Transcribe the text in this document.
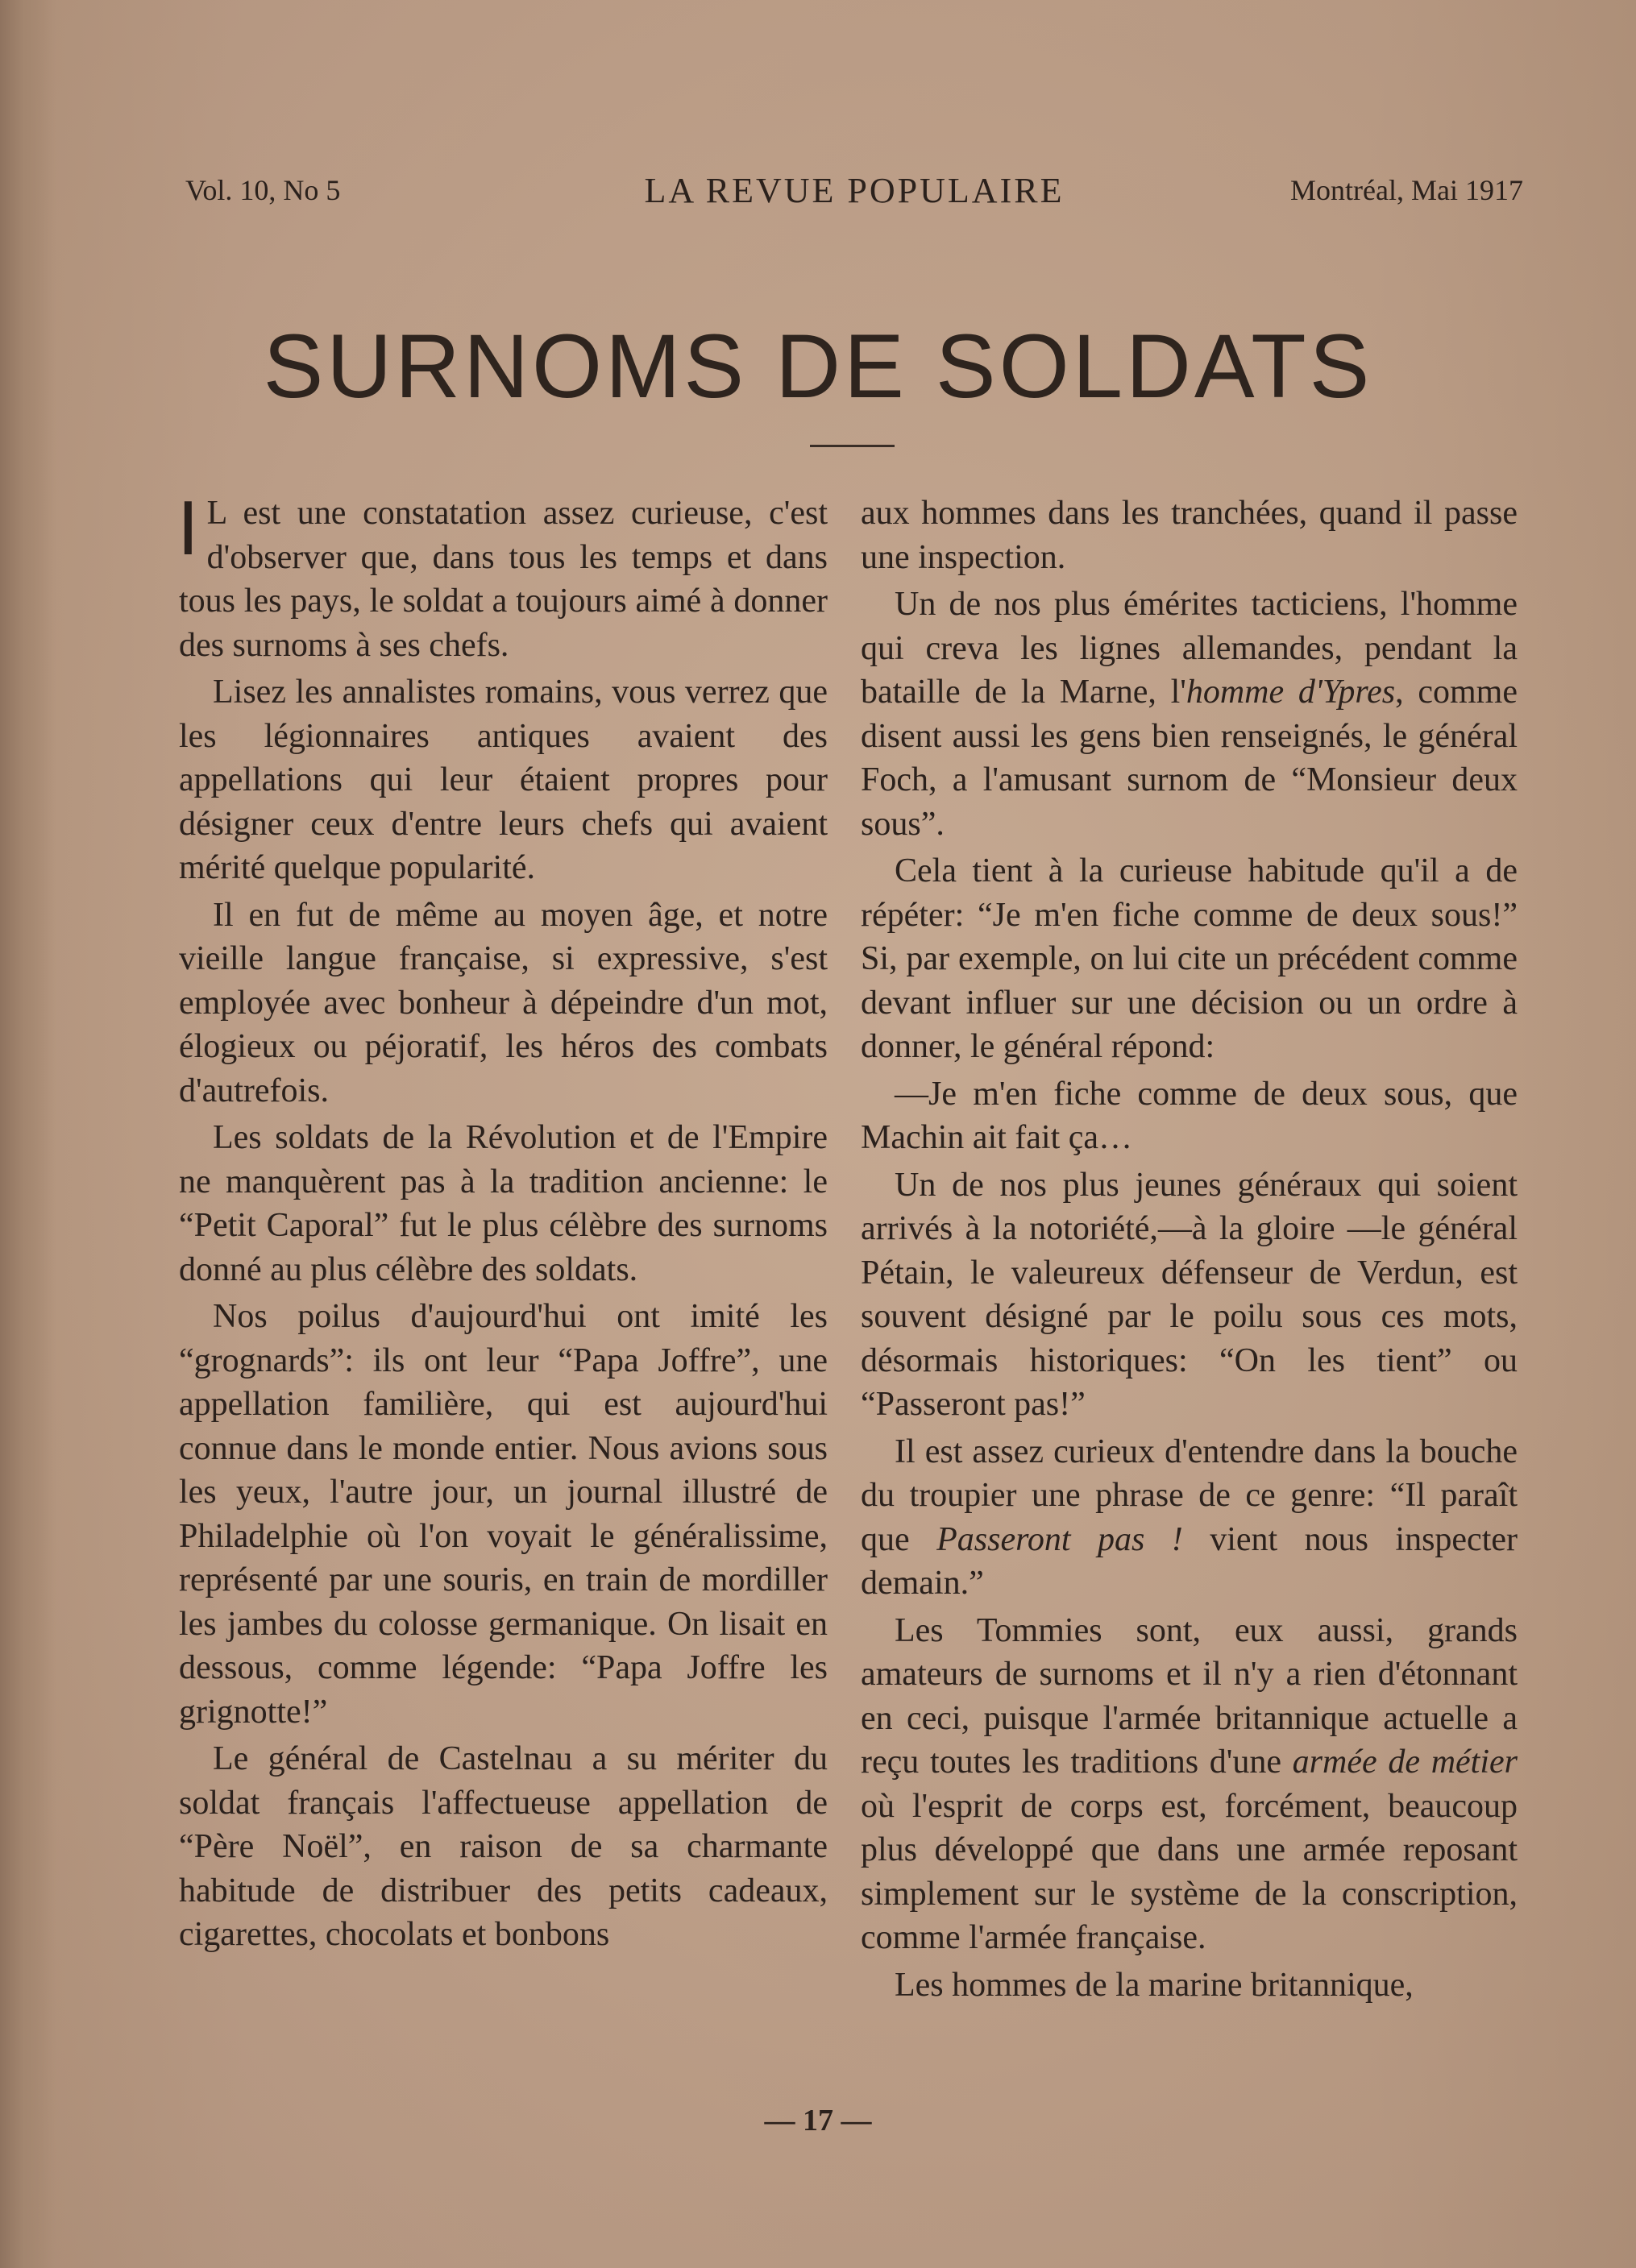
Vol. 10, No 5	LA REVUE POPULAIRE	Montréal, Mai 1917
SURNOMS DE SOLDATS

I L est une constatation assez curieuse, c'est d'observer que, dans tous les temps et dans tous les pays, le soldat a toujours aimé à donner des surnoms à ses chefs.

Lisez les annalistes romains, vous verrez que les légionnaires antiques avaient des appellations qui leur étaient propres pour désigner ceux d'entre leurs chefs qui avaient mérité quelque popularité.

Il en fut de même au moyen âge, et notre vieille langue française, si expressive, s'est employée avec bonheur à dépeindre d'un mot, élogieux ou péjoratif, les héros des combats d'autrefois.

Les soldats de la Révolution et de l'Empire ne manquèrent pas à la tradition ancienne: le “Petit Caporal” fut le plus célèbre des surnoms donné au plus célèbre des soldats.

Nos poilus d'aujourd'hui ont imité les “grognards”: ils ont leur “Papa Joffre”, une appellation familière, qui est aujourd'hui connue dans le monde entier. Nous avions sous les yeux, l'autre jour, un journal illustré de Philadelphie où l'on voyait le généralissime, représenté par une souris, en train de mordiller les jambes du colosse germanique. On lisait en dessous, comme légende: “Papa Joffre les grignotte!”

Le général de Castelnau a su mériter du soldat français l'affectueuse appellation de “Père Noël”, en raison de sa charmante habitude de distribuer des petits cadeaux, cigarettes, chocolats et bonbons

aux hommes dans les tranchées, quand il passe une inspection.

Un de nos plus émérites tacticiens, l'homme qui creva les lignes allemandes, pendant la bataille de la Marne, l'homme d'Ypres, comme disent aussi les gens bien renseignés, le général Foch, a l'amusant surnom de “Monsieur deux sous”.

Cela tient à la curieuse habitude qu'il a de répéter: “Je m'en fiche comme de deux sous!” Si, par exemple, on lui cite un précédent comme devant influer sur une décision ou un ordre à donner, le général répond:

—Je m'en fiche comme de deux sous, que Machin ait fait ça…

Un de nos plus jeunes généraux qui soient arrivés à la notoriété,—à la gloire —le général Pétain, le valeureux défenseur de Verdun, est souvent désigné par le poilu sous ces mots, désormais historiques: “On les tient” ou “Passeront pas!”

Il est assez curieux d'entendre dans la bouche du troupier une phrase de ce genre: “Il paraît que Passeront pas ! vient nous inspecter demain.”

Les Tommies sont, eux aussi, grands amateurs de surnoms et il n'y a rien d'étonnant en ceci, puisque l'armée britannique actuelle a reçu toutes les traditions d'une armée de métier où l'esprit de corps est, forcément, beaucoup plus développé que dans une armée reposant simplement sur le système de la conscription, comme l'armée française.

Les hommes de la marine britannique,

— 17 —
